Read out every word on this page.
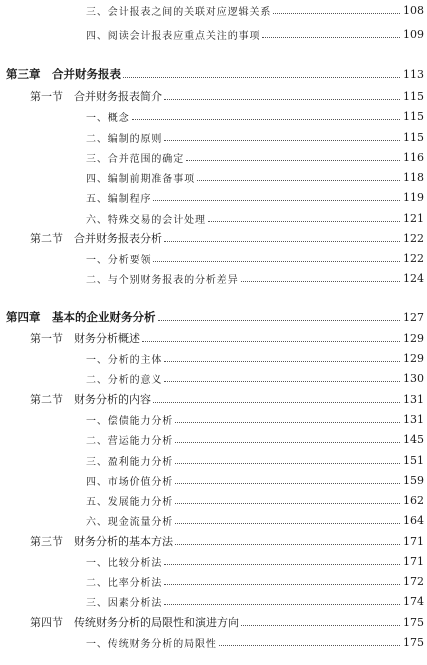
三、会计报表之间的关联对应逻辑关系	108
四、阅读会计报表应重点关注的事项	109
第三章　合并财务报表	113
第一节　合并财务报表简介	115
一、概念	115
二、编制的原则	115
三、合并范围的确定	116
四、编制前期准备事项	118
五、编制程序	119
六、特殊交易的会计处理	121
第二节　合并财务报表分析	122
一、分析要领	122
二、与个别财务报表的分析差异	124
第四章　基本的企业财务分析	127
第一节　财务分析概述	129
一、分析的主体	129
二、分析的意义	130
第二节　财务分析的内容	131
一、偿债能力分析	131
二、营运能力分析	145
三、盈利能力分析	151
四、市场价值分析	159
五、发展能力分析	162
六、现金流量分析	164
第三节　财务分析的基本方法	171
一、比较分析法	171
二、比率分析法	172
三、因素分析法	174
第四节　传统财务分析的局限性和演进方向	175
一、传统财务分析的局限性	175
